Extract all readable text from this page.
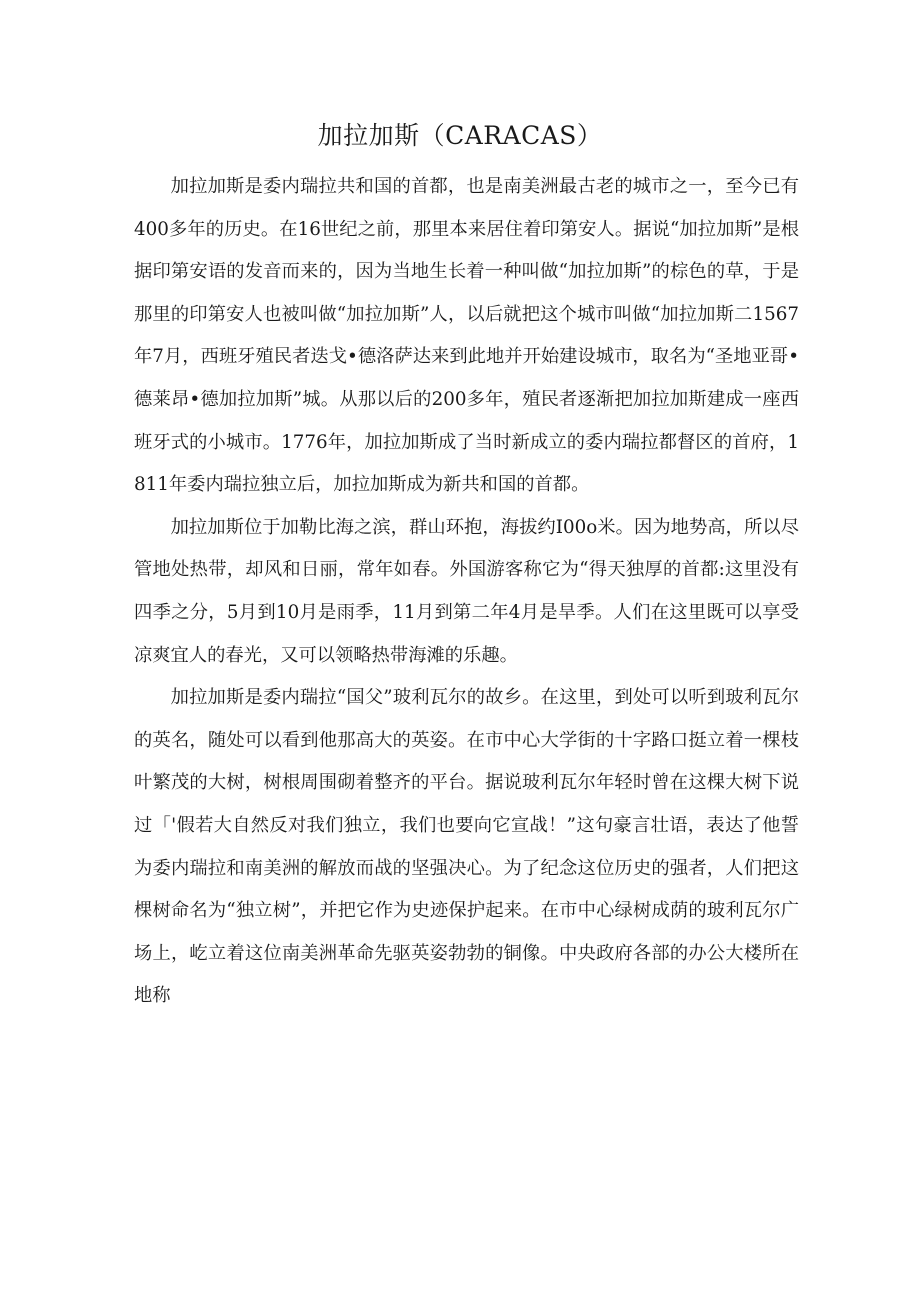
加拉加斯（CARACAS）

加拉加斯是委内瑞拉共和国的首都，也是南美洲最古老的城市之一，至今已有400多年的历史。在16世纪之前，那里本来居住着印第安人。据说“加拉加斯”是根据印第安语的发音而来的，因为当地生长着一种叫做“加拉加斯”的棕色的草，于是那里的印第安人也被叫做“加拉加斯”人，以后就把这个城市叫做“加拉加斯二1567年7月，西班牙殖民者迭戈•德洛萨达来到此地并开始建设城市，取名为“圣地亚哥•德莱昂•德加拉加斯”城。从那以后的200多年，殖民者逐渐把加拉加斯建成一座西班牙式的小城市。1776年，加拉加斯成了当时新成立的委内瑞拉都督区的首府，1811年委内瑞拉独立后，加拉加斯成为新共和国的首都。

加拉加斯位于加勒比海之滨，群山环抱，海拔约I00o米。因为地势高，所以尽管地处热带，却风和日丽，常年如春。外国游客称它为“得天独厚的首都:这里没有四季之分，5月到10月是雨季，11月到第二年4月是旱季。人们在这里既可以享受凉爽宜人的春光，又可以领略热带海滩的乐趣。

加拉加斯是委内瑞拉“国父”玻利瓦尔的故乡。在这里，到处可以听到玻利瓦尔的英名，随处可以看到他那高大的英姿。在市中心大学街的十字路口挺立着一棵枝叶繁茂的大树，树根周围砌着整齐的平台。据说玻利瓦尔年轻时曾在这棵大树下说过「'假若大自然反对我们独立，我们也要向它宣战！”这句豪言壮语，表达了他誓为委内瑞拉和南美洲的解放而战的坚强决心。为了纪念这位历史的强者，人们把这棵树命名为“独立树”，并把它作为史迹保护起来。在市中心绿树成荫的玻利瓦尔广场上，屹立着这位南美洲革命先驱英姿勃勃的铜像。中央政府各部的办公大楼所在地称
